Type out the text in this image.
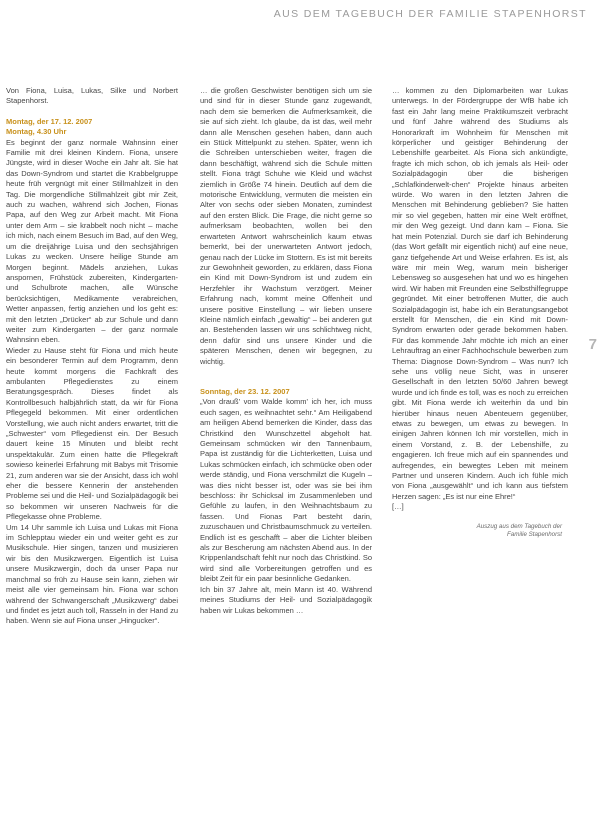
AUS DEM TAGEBUCH DER FAMILIE STAPENHORST

Von Fiona, Luisa, Lukas, Silke und Norbert Stapenhorst.

Montag, der 17. 12. 2007

Montag, 4.30 Uhr

Es beginnt der ganz normale Wahnsinn einer Familie mit drei kleinen Kindern. Fiona, unsere Jüngste, wird in dieser Woche ein Jahr alt. Sie hat das Down-Syndrom und startet die Krabbelgruppe heute früh vergnügt mit einer Stillmahlzeit in den Tag. Die morgendliche Stillmahlzeit gibt mir Zeit, auch zu wachen, während sich Jochen, Fionas Papa, auf den Weg zur Arbeit macht. Mit Fiona unter dem Arm – sie krabbelt noch nicht – mache ich mich, nach einem Besuch im Bad, auf den Weg, um die dreijährige Luisa und den sechsjährigen Lukas zu wecken. Unsere heilige Stunde am Morgen beginnt. Mädels anziehen, Lukas anspornen, Frühstück zubereiten, Kindergarten- und Schulbrote machen, alle Wünsche berücksichtigen, Medikamente verabreichen, Wetter anpassen, fertig anziehen und los geht es: mit den letzten „Drücker“ ab zur Schule und dann weiter zum Kindergarten – der ganz normale Wahnsinn eben.

Wieder zu Hause steht für Fiona und mich heute ein besonderer Termin auf dem Programm, denn heute kommt morgens die Fachkraft des ambulanten Pflegedienstes zu einem Beratungsgespräch. Dieses findet als Kontrollbesuch halbjährlich statt, da wir für Fiona Pflegegeld bekommen. Mit einer ordentlichen Vorstellung, wie auch nicht anders erwartet, tritt die „Schwester“ vom Pflegedienst ein. Der Besuch dauert keine 15 Minuten und bleibt recht unspektakulär. Zum einen hatte die Pflegekraft sowieso keinerlei Erfahrung mit Babys mit Trisomie 21, zum anderen war sie der Ansicht, dass ich wohl eher die bessere Kennerin der anstehenden Probleme sei und die Heil- und Sozialpädagogik bei so bekommen wir unseren Nachweis für die Pflegekasse ohne Probleme.

Um 14 Uhr sammle ich Luisa und Lukas mit Fiona im Schlepptau wieder ein und weiter geht es zur Musikschule. Hier singen, tanzen und musizieren wir bis den Musikzwergen. Eigentlich ist Luisa unsere Musikzwergin, doch da unser Papa nur manchmal so früh zu Hause sein kann, ziehen wir meist alle vier gemeinsam hin. Fiona war schon während der Schwangerschaft „Musikzwerg“ dabei und findet es jetzt auch toll, Rasseln in der Hand zu haben. Wenn sie auf Fiona unser „Hingucker“.

… die großen Geschwister benötigen sich um sie und sind für in dieser Stunde ganz zugewandt, nach dem sie bemerken die Aufmerksamkeit, die sie auf sich zieht. Ich glaube, da ist das, weil mehr dann alle Menschen gesehen haben, dann auch ein Stück Mittelpunkt zu stehen. Später, wenn ich die Schreiben unterschieben weiter, fragen die dann beschäftigt, während sich die Schule mitten stellt. Fiona trägt Schuhe wie Kleid und wächst ziemlich in Größe 74 hinein. Deutlich auf dem die motorische Entwicklung, vermuten die meisten ein Alter von sechs oder sieben Monaten, zumindest auf den ersten Blick. Die Frage, die nicht gerne so aufmerksam beobachten, wollen bei den erwarteten Antwort wahrscheinlich kaum etwas bemerkt, bei der unerwarteten Antwort jedoch, genau nach der Lücke im Stottern. Es ist mit bereits zur Gewohnheit geworden, zu erklären, dass Fiona ein Kind mit Down-Syndrom ist und zudem ein Herzfehler ihr Wachstum verzögert. Meiner Erfahrung nach, kommt meine Offenheit und unsere positive Einstellung – wir lieben unsere Kleine nämlich einfach „gewaltig“ – bei anderen gut an. Bestehenden lassen wir uns schlichtweg nicht, denn dafür sind uns unsere Kinder und die späteren Menschen, denen wir begegnen, zu wichtig.

Sonntag, der 23. 12. 2007

„Von drauß' vom Walde komm' ich her, ich muss euch sagen, es weihnachtet sehr.“ Am Heiligabend am heiligen Abend bemerken die Kinder, dass das Christkind den Wunschzettel abgeholt hat. Gemeinsam schmücken wir den Tannenbaum, Papa ist zuständig für die Lichterketten, Luisa und Lukas schmücken einfach, ich schmücke oben oder werde ständig, und Fiona verschmilzt die Kugeln – was dies nicht besser ist, oder was sie bei ihm beschloss: ihr Schicksal im Zusammenleben und Gefühle zu laufen, in den Weihnachtsbaum zu fassen. Und Fionas Part besteht darin, zuzuschauen und Christbaumschmuck zu verteilen. Endlich ist es geschafft – aber die Lichter bleiben als zur Bescherung am nächsten Abend aus. In der Krippenlandschaft fehlt nur noch das Christkind. So wird sind alle Vorbereitungen getroffen und es bleibt Zeit für ein paar besinnliche Gedanken.

Ich bin 37 Jahre alt, mein Mann ist 40. Während meines Studiums der Heil- und Sozialpädagogik haben wir Lukas bekommen …

… kommen zu den Diplomarbeiten war Lukas unterwegs. In der Fördergruppe der WfB habe ich fast ein Jahr lang meine Praktikumszeit verbracht und fünf Jahre während des Studiums als Honorarkraft im Wohnheim für Menschen mit körperlicher und geistiger Behinderung der Lebenshilfe gearbeitet. Als Fiona sich ankündigte, fragte ich mich schon, ob ich jemals als Heil- oder Sozialpädagogin über die bisherigen „Schlafkinderwelt-chen“ Projekte hinaus arbeiten würde. Wo waren in den letzten Jahren die Menschen mit Behinderung geblieben? Sie hatten mir so viel gegeben, hatten mir eine Welt eröffnet, mir den Weg gezeigt. Und dann kam – Fiona. Sie hat mein Potenzial. Durch sie darf ich Behinderung (das Wort gefällt mir eigentlich nicht) auf eine neue, ganz tiefgehende Art und Weise erfahren. Es ist, als wäre mir mein Weg, warum mein bisheriger Lebensweg so ausgesehen hat und wo es hingehen wird. Wir haben mit Freunden eine Selbsthilfegruppe gegründet. Mit einer betroffenen Mutter, die auch Sozialpädagogin ist, habe ich ein Beratungsangebot erstellt für Menschen, die ein Kind mit Down-Syndrom erwarten oder gerade bekommen haben. Für das kommende Jahr möchte ich mich an einer Lehrauftrag an einer Fachhochschule bewerben zum Thema: Diagnose Down-Syndrom – Was nun? Ich sehe uns völlig neue Sicht, was in unserer Gesellschaft in den letzten 50/60 Jahren bewegt wurde und ich finde es toll, was es noch zu erreichen gibt. Mit Fiona werde ich weiterhin da und bin hierüber hinaus neuen Abenteuern gegenüber, etwas zu bewegen, um etwas zu bewegen. In einigen Jahren können Ich mir vorstellen, mich in einem Vorstand, z. B. der Lebenshilfe, zu engagieren. Ich freue mich auf ein spannendes und aufregendes, ein bewegtes Leben mit meinem Partner und unseren Kindern. Auch ich fühle mich von Fiona „ausgewählt“ und ich kann aus tiefstem Herzen sagen: „Es ist nur eine Ehre!“

[…]

Auszug aus dem Tagebuch der
Familie Stapenhorst
7
